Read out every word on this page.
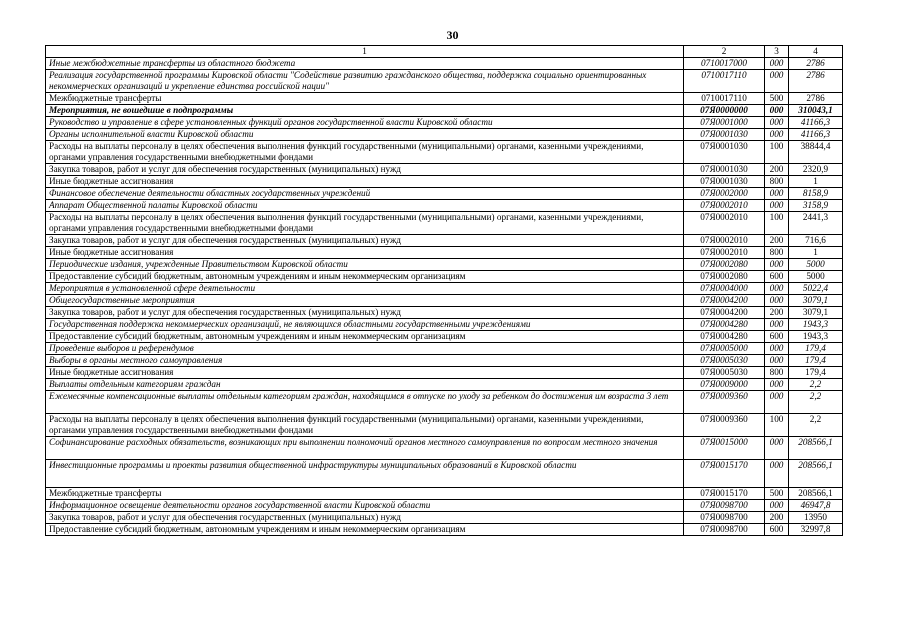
30
1	2	3	4
Иные межбюджетные трансферты из областного бюджета	0710017000	000	2786
Реализация государственной программы Кировской области "Содействие развитию гражданского общества, поддержка социально ориентированных некоммерческих организаций и укрепление единства российской нации"	0710017110	000	2786
Межбюджетные трансферты	0710017110	500	2786
Мероприятия, не вошедшие в подпрограммы	07Я0000000	000	310043,1
Руководство и управление в сфере установленных функций органов государственной власти Кировской области	07Я0001000	000	41166,3
Органы исполнительной власти Кировской области	07Я0001030	000	41166,3
Расходы на выплаты персоналу в целях обеспечения выполнения функций государственными (муниципальными) органами, казенными учреждениями, органами управления государственными внебюджетными фондами	07Я0001030	100	38844,4
Закупка товаров, работ и услуг для обеспечения государственных (муниципальных) нужд	07Я0001030	200	2320,9
Иные бюджетные ассигнования	07Я0001030	800	1
Финансовое обеспечение деятельности областных государственных учреждений	07Я0002000	000	8158,9
Аппарат Общественной палаты Кировской области	07Я0002010	000	3158,9
Расходы на выплаты персоналу в целях обеспечения выполнения функций государственными (муниципальными) органами, казенными учреждениями, органами управления государственными внебюджетными фондами	07Я0002010	100	2441,3
Закупка товаров, работ и услуг для обеспечения государственных (муниципальных) нужд	07Я0002010	200	716,6
Иные бюджетные ассигнования	07Я0002010	800	1
Периодические издания, учрежденные Правительством Кировской области	07Я0002080	000	5000
Предоставление субсидий бюджетным, автономным учреждениям и иным некоммерческим организациям	07Я0002080	600	5000
Мероприятия в установленной сфере деятельности	07Я0004000	000	5022,4
Общегосударственные мероприятия	07Я0004200	000	3079,1
Закупка товаров, работ и услуг для обеспечения государственных (муниципальных) нужд	07Я0004200	200	3079,1
Государственная поддержка некоммерческих организаций, не являющихся областными государственными учреждениями	07Я0004280	000	1943,3
Предоставление субсидий бюджетным, автономным учреждениям и иным некоммерческим организациям	07Я0004280	600	1943,3
Проведение выборов и референдумов	07Я0005000	000	179,4
Выборы в органы местного самоуправления	07Я0005030	000	179,4
Иные бюджетные ассигнования	07Я0005030	800	179,4
Выплаты отдельным категориям граждан	07Я0009000	000	2,2
Ежемесячные компенсационные выплаты отдельным категориям граждан, находящимся в отпуске по уходу за ребенком до достижения им возраста 3 лет	07Я0009360	000	2,2
Расходы на выплаты персоналу в целях обеспечения выполнения функций государственными (муниципальными) органами, казенными учреждениями, органами управления государственными внебюджетными фондами	07Я0009360	100	2,2
Софинансирование расходных обязательств, возникающих при выполнении полномочий органов местного самоуправления по вопросам местного значения	07Я0015000	000	208566,1
Инвестиционные программы и проекты развития общественной инфраструктуры муниципальных образований в Кировской области	07Я0015170	000	208566,1
Межбюджетные трансферты	07Я0015170	500	208566,1
Информационное освещение деятельности органов государственной власти Кировской области	07Я0098700	000	46947,8
Закупка товаров, работ и услуг для обеспечения государственных (муниципальных) нужд	07Я0098700	200	13950
Предоставление субсидий бюджетным, автономным учреждениям и иным некоммерческим организациям	07Я0098700	600	32997,8
